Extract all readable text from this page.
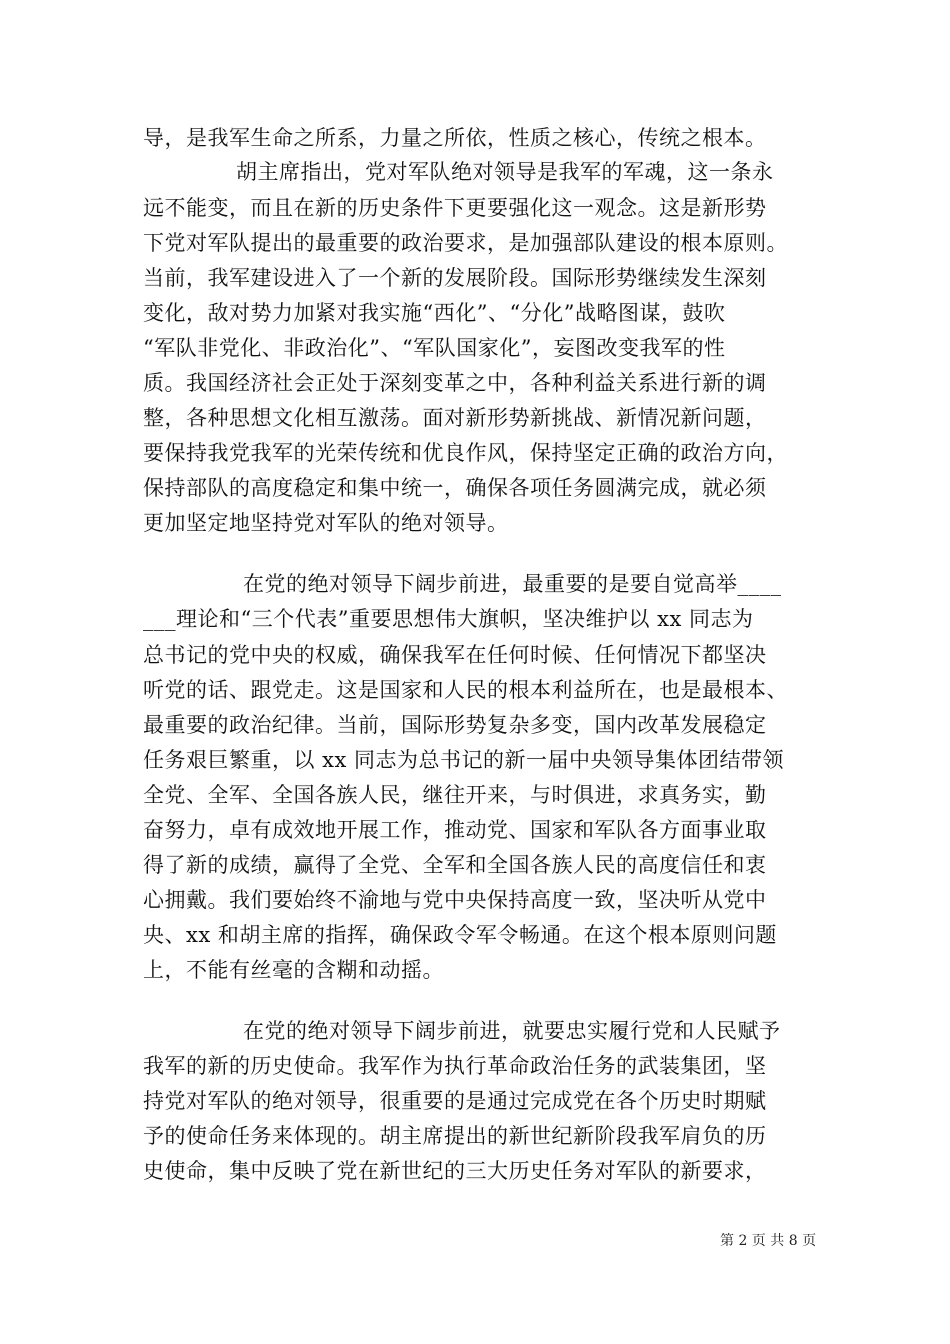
导，是我军生命之所系，力量之所依，性质之核心，传统之根本。
胡主席指出，党对军队绝对领导是我军的军魂，这一条永
远不能变，而且在新的历史条件下更要强化这一观念。这是新形势
下党对军队提出的最重要的政治要求，是加强部队建设的根本原则。
当前，我军建设进入了一个新的发展阶段。国际形势继续发生深刻
变化，敌对势力加紧对我实施“西化”、“分化”战略图谋，鼓吹
“军队非党化、非政治化”、“军队国家化”，妄图改变我军的性
质。我国经济社会正处于深刻变革之中，各种利益关系进行新的调
整，各种思想文化相互激荡。面对新形势新挑战、新情况新问题，
要保持我党我军的光荣传统和优良作风，保持坚定正确的政治方向，
保持部队的高度稳定和集中统一，确保各项任务圆满完成，就必须
更加坚定地坚持党对军队的绝对领导。
在党的绝对领导下阔步前进，最重要的是要自觉高举____
___理论和“三个代表”重要思想伟大旗帜，坚决维护以 xx 同志为
总书记的党中央的权威，确保我军在任何时候、任何情况下都坚决
听党的话、跟党走。这是国家和人民的根本利益所在，也是最根本、
最重要的政治纪律。当前，国际形势复杂多变，国内改革发展稳定
任务艰巨繁重，以 xx 同志为总书记的新一届中央领导集体团结带领
全党、全军、全国各族人民，继往开来，与时俱进，求真务实，勤
奋努力，卓有成效地开展工作，推动党、国家和军队各方面事业取
得了新的成绩，赢得了全党、全军和全国各族人民的高度信任和衷
心拥戴。我们要始终不渝地与党中央保持高度一致，坚决听从党中
央、xx 和胡主席的指挥，确保政令军令畅通。在这个根本原则问题
上，不能有丝毫的含糊和动摇。
在党的绝对领导下阔步前进，就要忠实履行党和人民赋予
我军的新的历史使命。我军作为执行革命政治任务的武装集团，坚
持党对军队的绝对领导，很重要的是通过完成党在各个历史时期赋
予的使命任务来体现的。胡主席提出的新世纪新阶段我军肩负的历
史使命，集中反映了党在新世纪的三大历史任务对军队的新要求，
第 2 页 共 8 页
